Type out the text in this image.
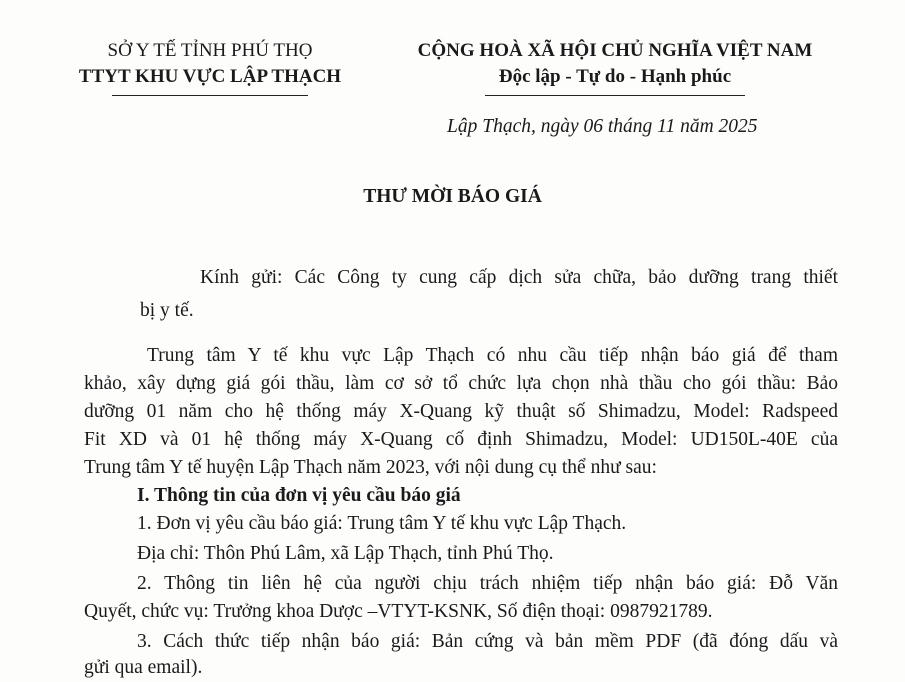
SỞ Y TẾ TỈNH PHÚ THỌ
TTYT KHU VỰC LẬP THẠCH
CỘNG HOÀ XÃ HỘI CHỦ NGHĨA VIỆT NAM
Độc lập - Tự do - Hạnh phúc
Lập Thạch, ngày 06 tháng 11 năm 2025
THƯ MỜI BÁO GIÁ
Kính gửi: Các Công ty cung cấp dịch sửa chữa, bảo dưỡng trang thiết
bị y tế.
Trung tâm Y tế khu vực Lập Thạch có nhu cầu tiếp nhận báo giá để tham
khảo, xây dựng giá gói thầu, làm cơ sở tổ chức lựa chọn nhà thầu cho gói thầu: Bảo
dưỡng 01 năm cho hệ thống máy X-Quang kỹ thuật số Shimadzu, Model: Radspeed
Fit XD và 01 hệ thống máy X-Quang cố định Shimadzu, Model: UD150L-40E của
Trung tâm Y tế huyện Lập Thạch năm 2023, với nội dung cụ thể như sau:
I. Thông tin của đơn vị yêu cầu báo giá
1. Đơn vị yêu cầu báo giá: Trung tâm Y tế khu vực Lập Thạch.
Địa chỉ: Thôn Phú Lâm, xã Lập Thạch, tỉnh Phú Thọ.
2. Thông tin liên hệ của người chịu trách nhiệm tiếp nhận báo giá: Đỗ Văn
Quyết, chức vụ: Trưởng khoa Dược –VTYT-KSNK, Số điện thoại: 0987921789.
3. Cách thức tiếp nhận báo giá: Bản cứng và bản mềm PDF (đã đóng dấu và
gửi qua email).
